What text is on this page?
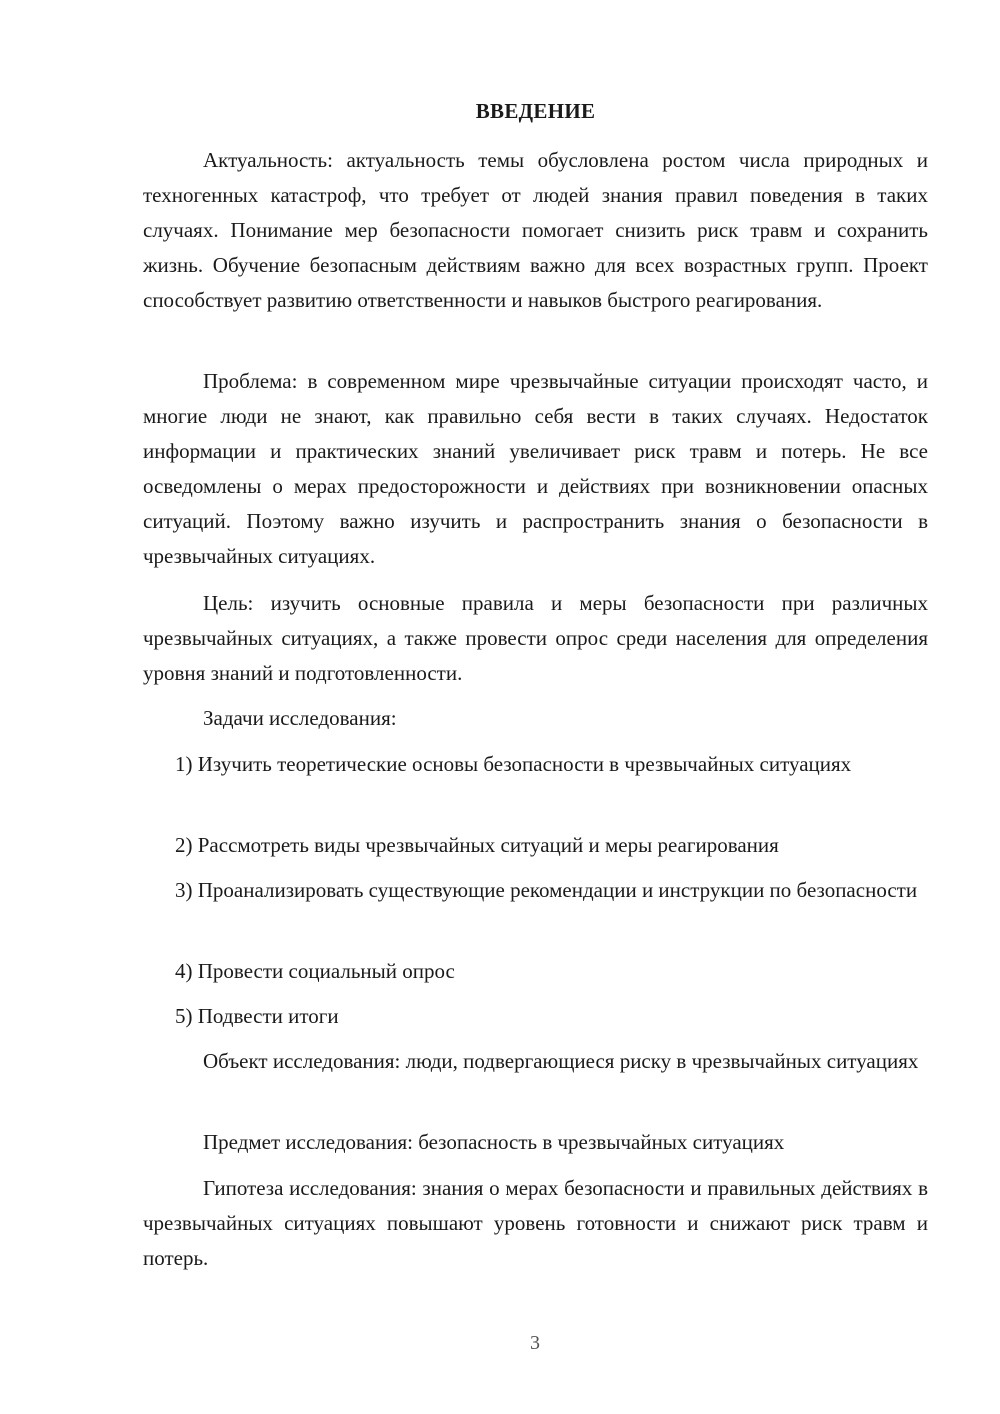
ВВЕДЕНИЕ

Актуальность: актуальность темы обусловлена ростом числа природных и техногенных катастроф, что требует от людей знания правил поведения в таких случаях. Понимание мер безопасности помогает снизить риск травм и сохранить жизнь. Обучение безопасным действиям важно для всех возрастных групп. Проект способствует развитию ответственности и навыков быстрого реагирования.

Проблема: в современном мире чрезвычайные ситуации происходят часто, и многие люди не знают, как правильно себя вести в таких случаях. Недостаток информации и практических знаний увеличивает риск травм и потерь. Не все осведомлены о мерах предосторожности и действиях при возникновении опасных ситуаций. Поэтому важно изучить и распространить знания о безопасности в чрезвычайных ситуациях.

Цель: изучить основные правила и меры безопасности при различных чрезвычайных ситуациях, а также провести опрос среди населения для определения уровня знаний и подготовленности.

Задачи исследования:

1) Изучить теоретические основы безопасности в чрезвычайных ситуациях

2) Рассмотреть виды чрезвычайных ситуаций и меры реагирования

3) Проанализировать существующие рекомендации и инструкции по безопасности

4) Провести социальный опрос

5) Подвести итоги

Объект исследования: люди, подвергающиеся риску в чрезвычайных ситуациях

Предмет исследования: безопасность в чрезвычайных ситуациях

Гипотеза исследования: знания о мерах безопасности и правильных действиях в чрезвычайных ситуациях повышают уровень готовности и снижают риск травм и потерь.

3
